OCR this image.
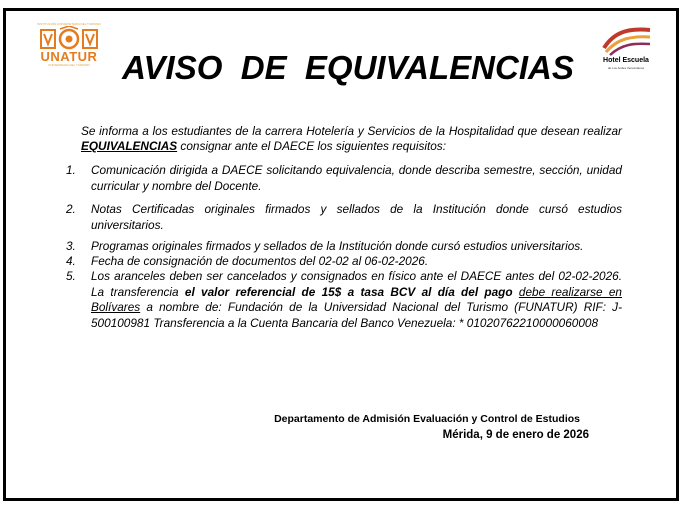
INSTITUCIÓN UNIVERSITARIA DEL TURISMO
UNATUR
UNIVERSIDAD DEL TURISMO AVISO  DE  EQUIVALENCIAS	Hotel Escuela
de Los Andes Venezolanos
Se informa a los estudiantes de la carrera Hotelería y Servicios de la Hospitalidad que desean realizar EQUIVALENCIAS consignar ante el DAECE los siguientes requisitos:
1.	Comunicación dirigida a DAECE solicitando equivalencia, donde describa semestre, sección, unidad curricular y nombre del Docente.
2.	Notas Certificadas originales firmados y sellados de la Institución donde cursó estudios universitarios.
3.	Programas originales firmados y sellados de la Institución donde cursó estudios universitarios.
4.	Fecha de consignación de documentos del 02-02 al 06-02-2026.
5.	Los aranceles deben ser cancelados y consignados en físico ante el DAECE antes del 02-02-2026. La transferencia el valor referencial de 15$ a tasa BCV al día del pago debe realizarse en Bolívares a nombre de: Fundación de la Universidad Nacional del Turismo (FUNATUR) RIF: J-500100981 Transferencia a la Cuenta Bancaria del Banco Venezuela: * 01020762210000060008
Departamento de Admisión Evaluación y Control de Estudios
Mérida, 9 de enero de 2026
